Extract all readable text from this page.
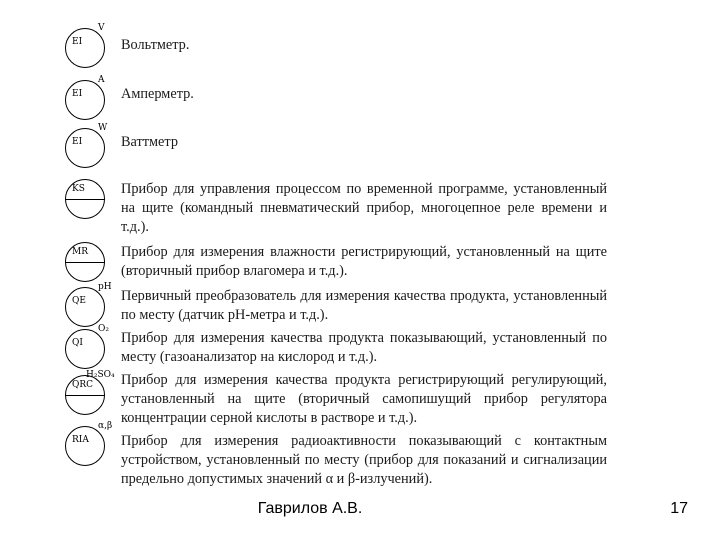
EI
V

Вольтметр.

EI
A

Амперметр.

EI
W

Ваттметр

KS	Прибор для управления процессом по временной программе, установленный на щите (командный пневматический прибор, многоцепное реле времени и т.д.).

MR Прибор для измерения влажности регистрирующий, установленный на щите (вторичный прибор влагомера и т.д.).

QE
pH

Первичный преобразователь для измерения качества продукта, установленный по месту (датчик pH-метра и т.д.).

QI
O₂

Прибор для измерения качества продукта показывающий, установленный по месту (газоанализатор на кислород и т.д.).

QRC
H₂SO₄ Прибор для измерения качества продукта регистрирующий регулирующий, установленный на щите (вторичный самопишущий прибор регулятора концентрации серной кислоты в растворе и т.д.).

RIA
α,β

Прибор для измерения радиоактивности показывающий с контактным устройством, установленный по месту (прибор для показаний и сигнализации предельно допустимых значений α и β-излучений).

Гаврилов А.В.	17
